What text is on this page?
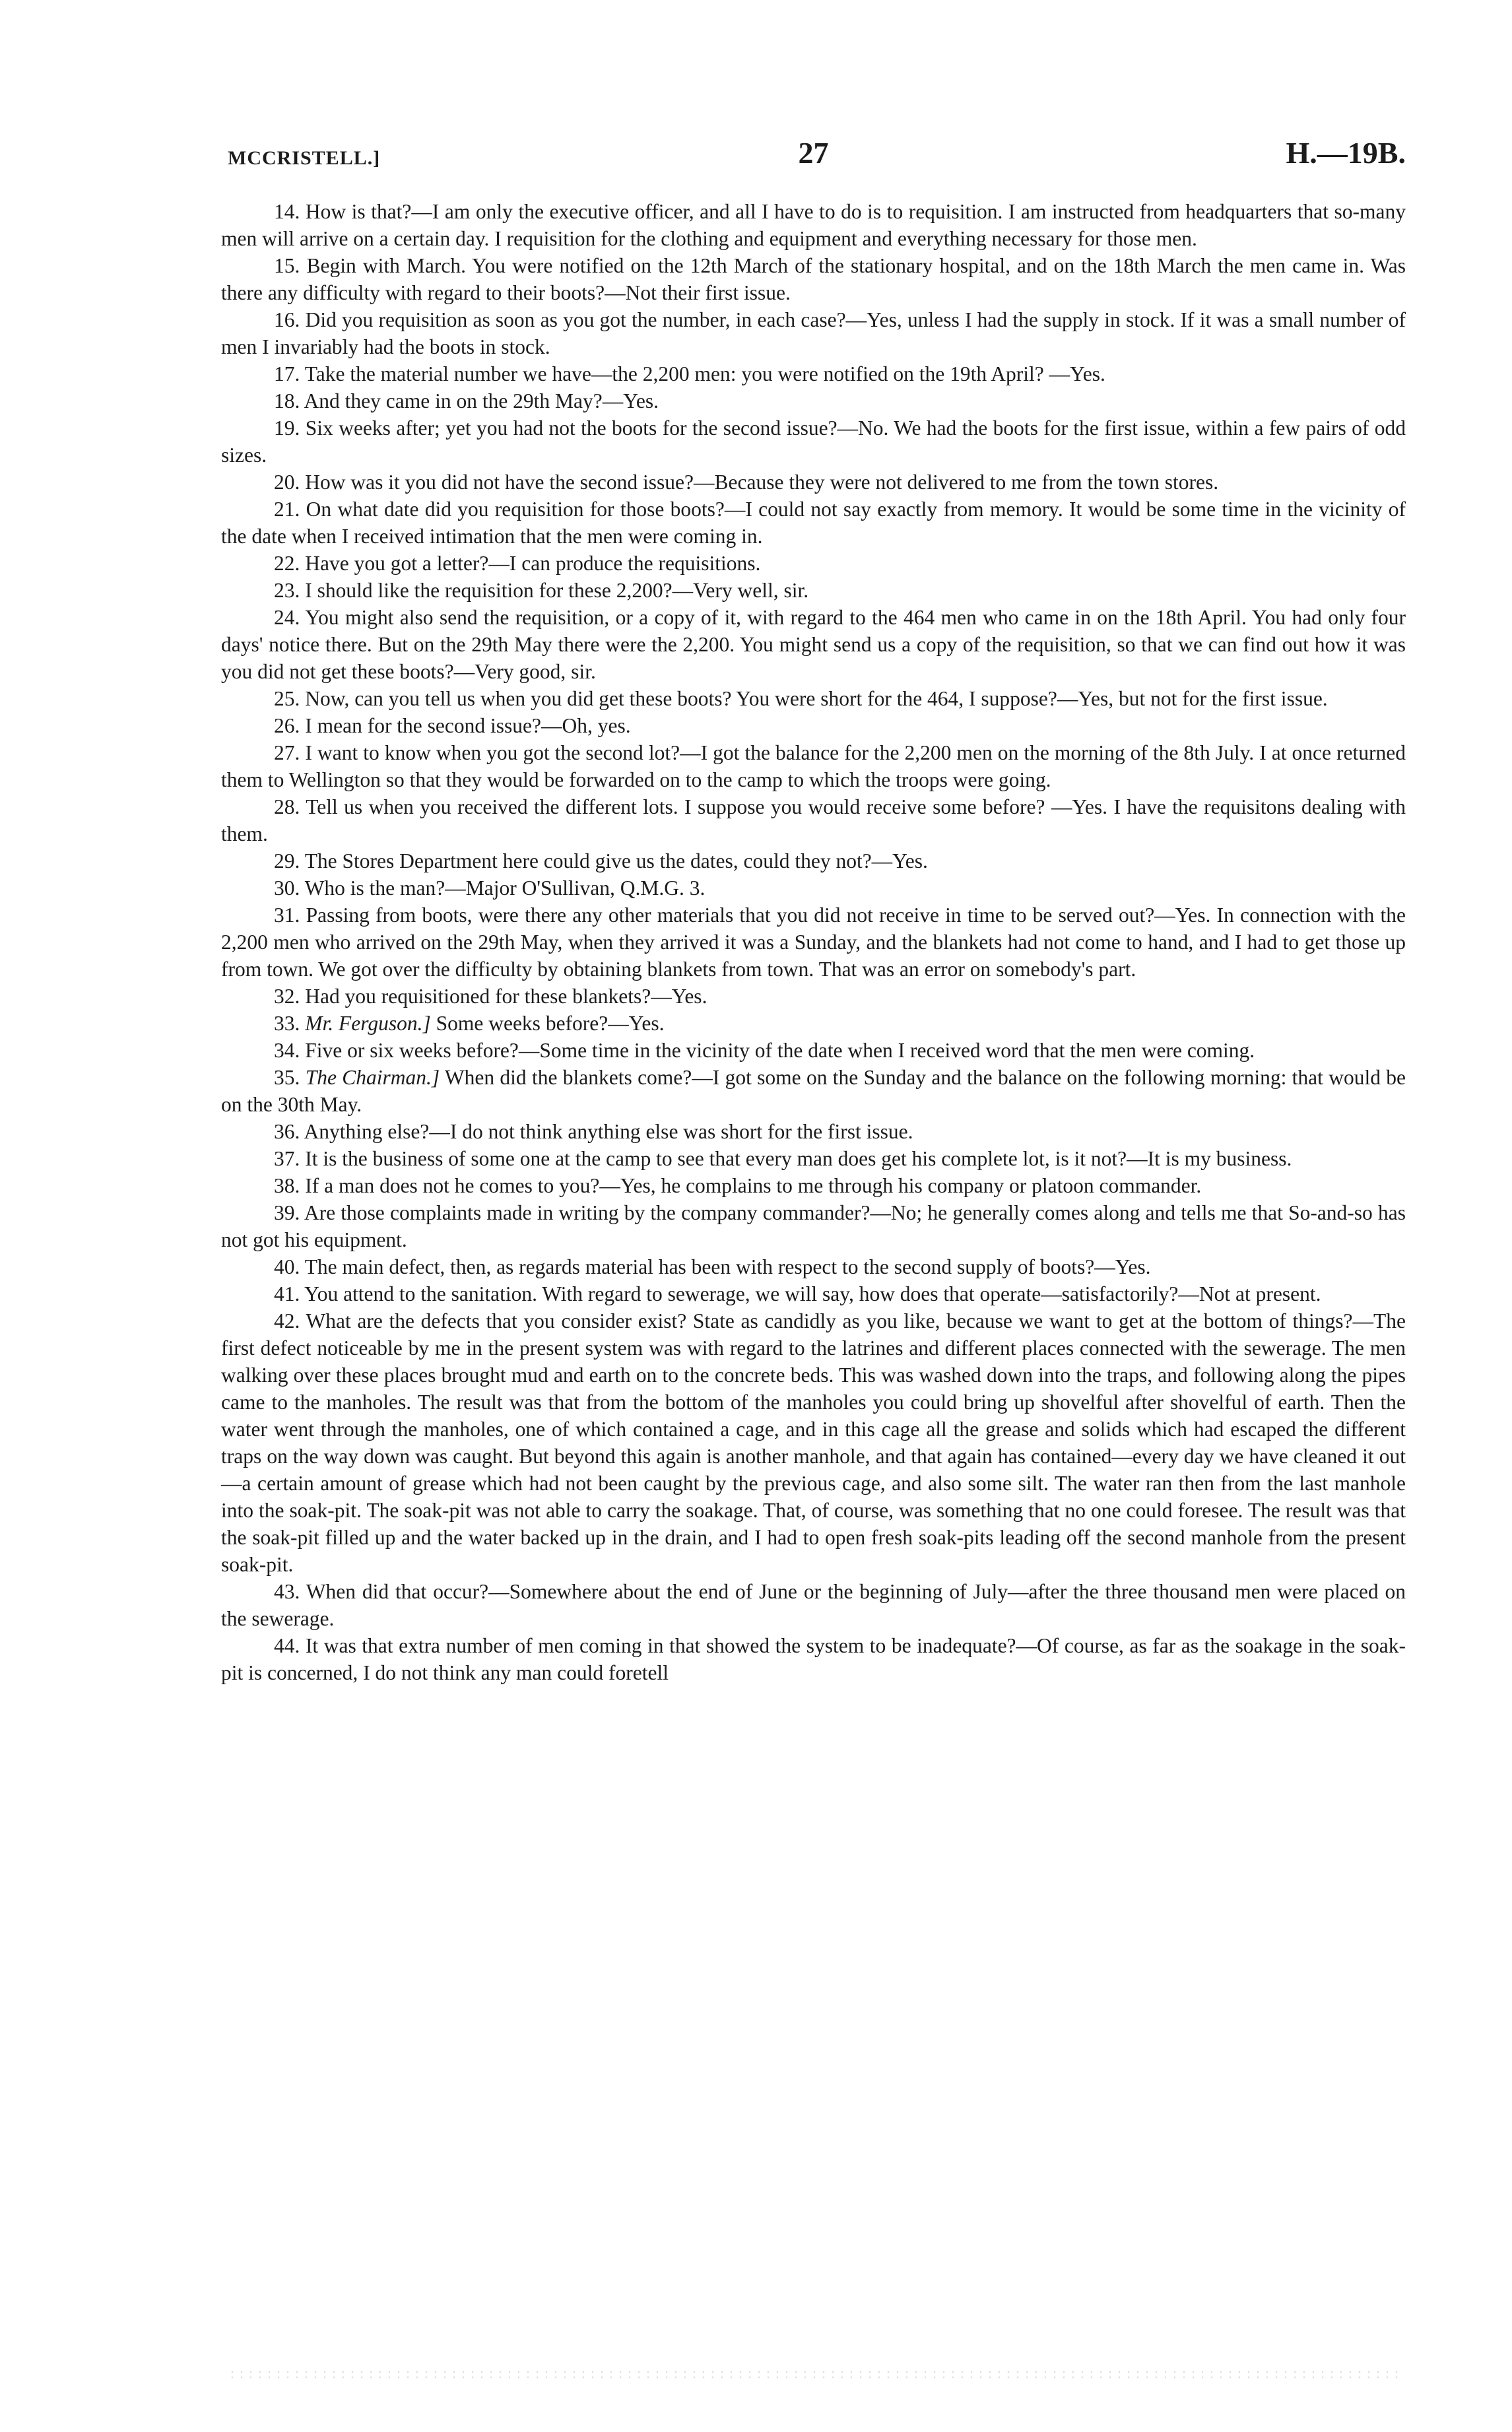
MCCRISTELL.]	27	H.—19B.

14. How is that?—I am only the executive officer, and all I have to do is to requisition. I am instructed from headquarters that so-many men will arrive on a certain day. I requisition for the clothing and equipment and everything necessary for those men.

15. Begin with March. You were notified on the 12th March of the stationary hospital, and on the 18th March the men came in. Was there any difficulty with regard to their boots?—Not their first issue.

16. Did you requisition as soon as you got the number, in each case?—Yes, unless I had the supply in stock. If it was a small number of men I invariably had the boots in stock.

17. Take the material number we have—the 2,200 men: you were notified on the 19th April? —Yes.

18. And they came in on the 29th May?—Yes.

19. Six weeks after; yet you had not the boots for the second issue?—No. We had the boots for the first issue, within a few pairs of odd sizes.

20. How was it you did not have the second issue?—Because they were not delivered to me from the town stores.

21. On what date did you requisition for those boots?—I could not say exactly from memory. It would be some time in the vicinity of the date when I received intimation that the men were coming in.

22. Have you got a letter?—I can produce the requisitions.

23. I should like the requisition for these 2,200?—Very well, sir.

24. You might also send the requisition, or a copy of it, with regard to the 464 men who came in on the 18th April. You had only four days' notice there. But on the 29th May there were the 2,200. You might send us a copy of the requisition, so that we can find out how it was you did not get these boots?—Very good, sir.

25. Now, can you tell us when you did get these boots? You were short for the 464, I suppose?—Yes, but not for the first issue.

26. I mean for the second issue?—Oh, yes.

27. I want to know when you got the second lot?—I got the balance for the 2,200 men on the morning of the 8th July. I at once returned them to Wellington so that they would be forwarded on to the camp to which the troops were going.

28. Tell us when you received the different lots. I suppose you would receive some before? —Yes. I have the requisitons dealing with them.

29. The Stores Department here could give us the dates, could they not?—Yes.

30. Who is the man?—Major O'Sullivan, Q.M.G. 3.

31. Passing from boots, were there any other materials that you did not receive in time to be served out?—Yes. In connection with the 2,200 men who arrived on the 29th May, when they arrived it was a Sunday, and the blankets had not come to hand, and I had to get those up from town. We got over the difficulty by obtaining blankets from town. That was an error on somebody's part.

32. Had you requisitioned for these blankets?—Yes.

33. Mr. Ferguson.] Some weeks before?—Yes.

34. Five or six weeks before?—Some time in the vicinity of the date when I received word that the men were coming.

35. The Chairman.] When did the blankets come?—I got some on the Sunday and the balance on the following morning: that would be on the 30th May.

36. Anything else?—I do not think anything else was short for the first issue.

37. It is the business of some one at the camp to see that every man does get his complete lot, is it not?—It is my business.

38. If a man does not he comes to you?—Yes, he complains to me through his company or platoon commander.

39. Are those complaints made in writing by the company commander?—No; he generally comes along and tells me that So-and-so has not got his equipment.

40. The main defect, then, as regards material has been with respect to the second supply of boots?—Yes.

41. You attend to the sanitation. With regard to sewerage, we will say, how does that operate—satisfactorily?—Not at present.

42. What are the defects that you consider exist? State as candidly as you like, because we want to get at the bottom of things?—The first defect noticeable by me in the present system was with regard to the latrines and different places connected with the sewerage. The men walking over these places brought mud and earth on to the concrete beds. This was washed down into the traps, and following along the pipes came to the manholes. The result was that from the bottom of the manholes you could bring up shovelful after shovelful of earth. Then the water went through the manholes, one of which contained a cage, and in this cage all the grease and solids which had escaped the different traps on the way down was caught. But beyond this again is another manhole, and that again has contained—every day we have cleaned it out—a certain amount of grease which had not been caught by the previous cage, and also some silt. The water ran then from the last manhole into the soak-pit. The soak-pit was not able to carry the soakage. That, of course, was something that no one could foresee. The result was that the soak-pit filled up and the water backed up in the drain, and I had to open fresh soak-pits leading off the second manhole from the present soak-pit.

43. When did that occur?—Somewhere about the end of June or the beginning of July—after the three thousand men were placed on the sewerage.

44. It was that extra number of men coming in that showed the system to be inadequate?—Of course, as far as the soakage in the soak-pit is concerned, I do not think any man could foretell
